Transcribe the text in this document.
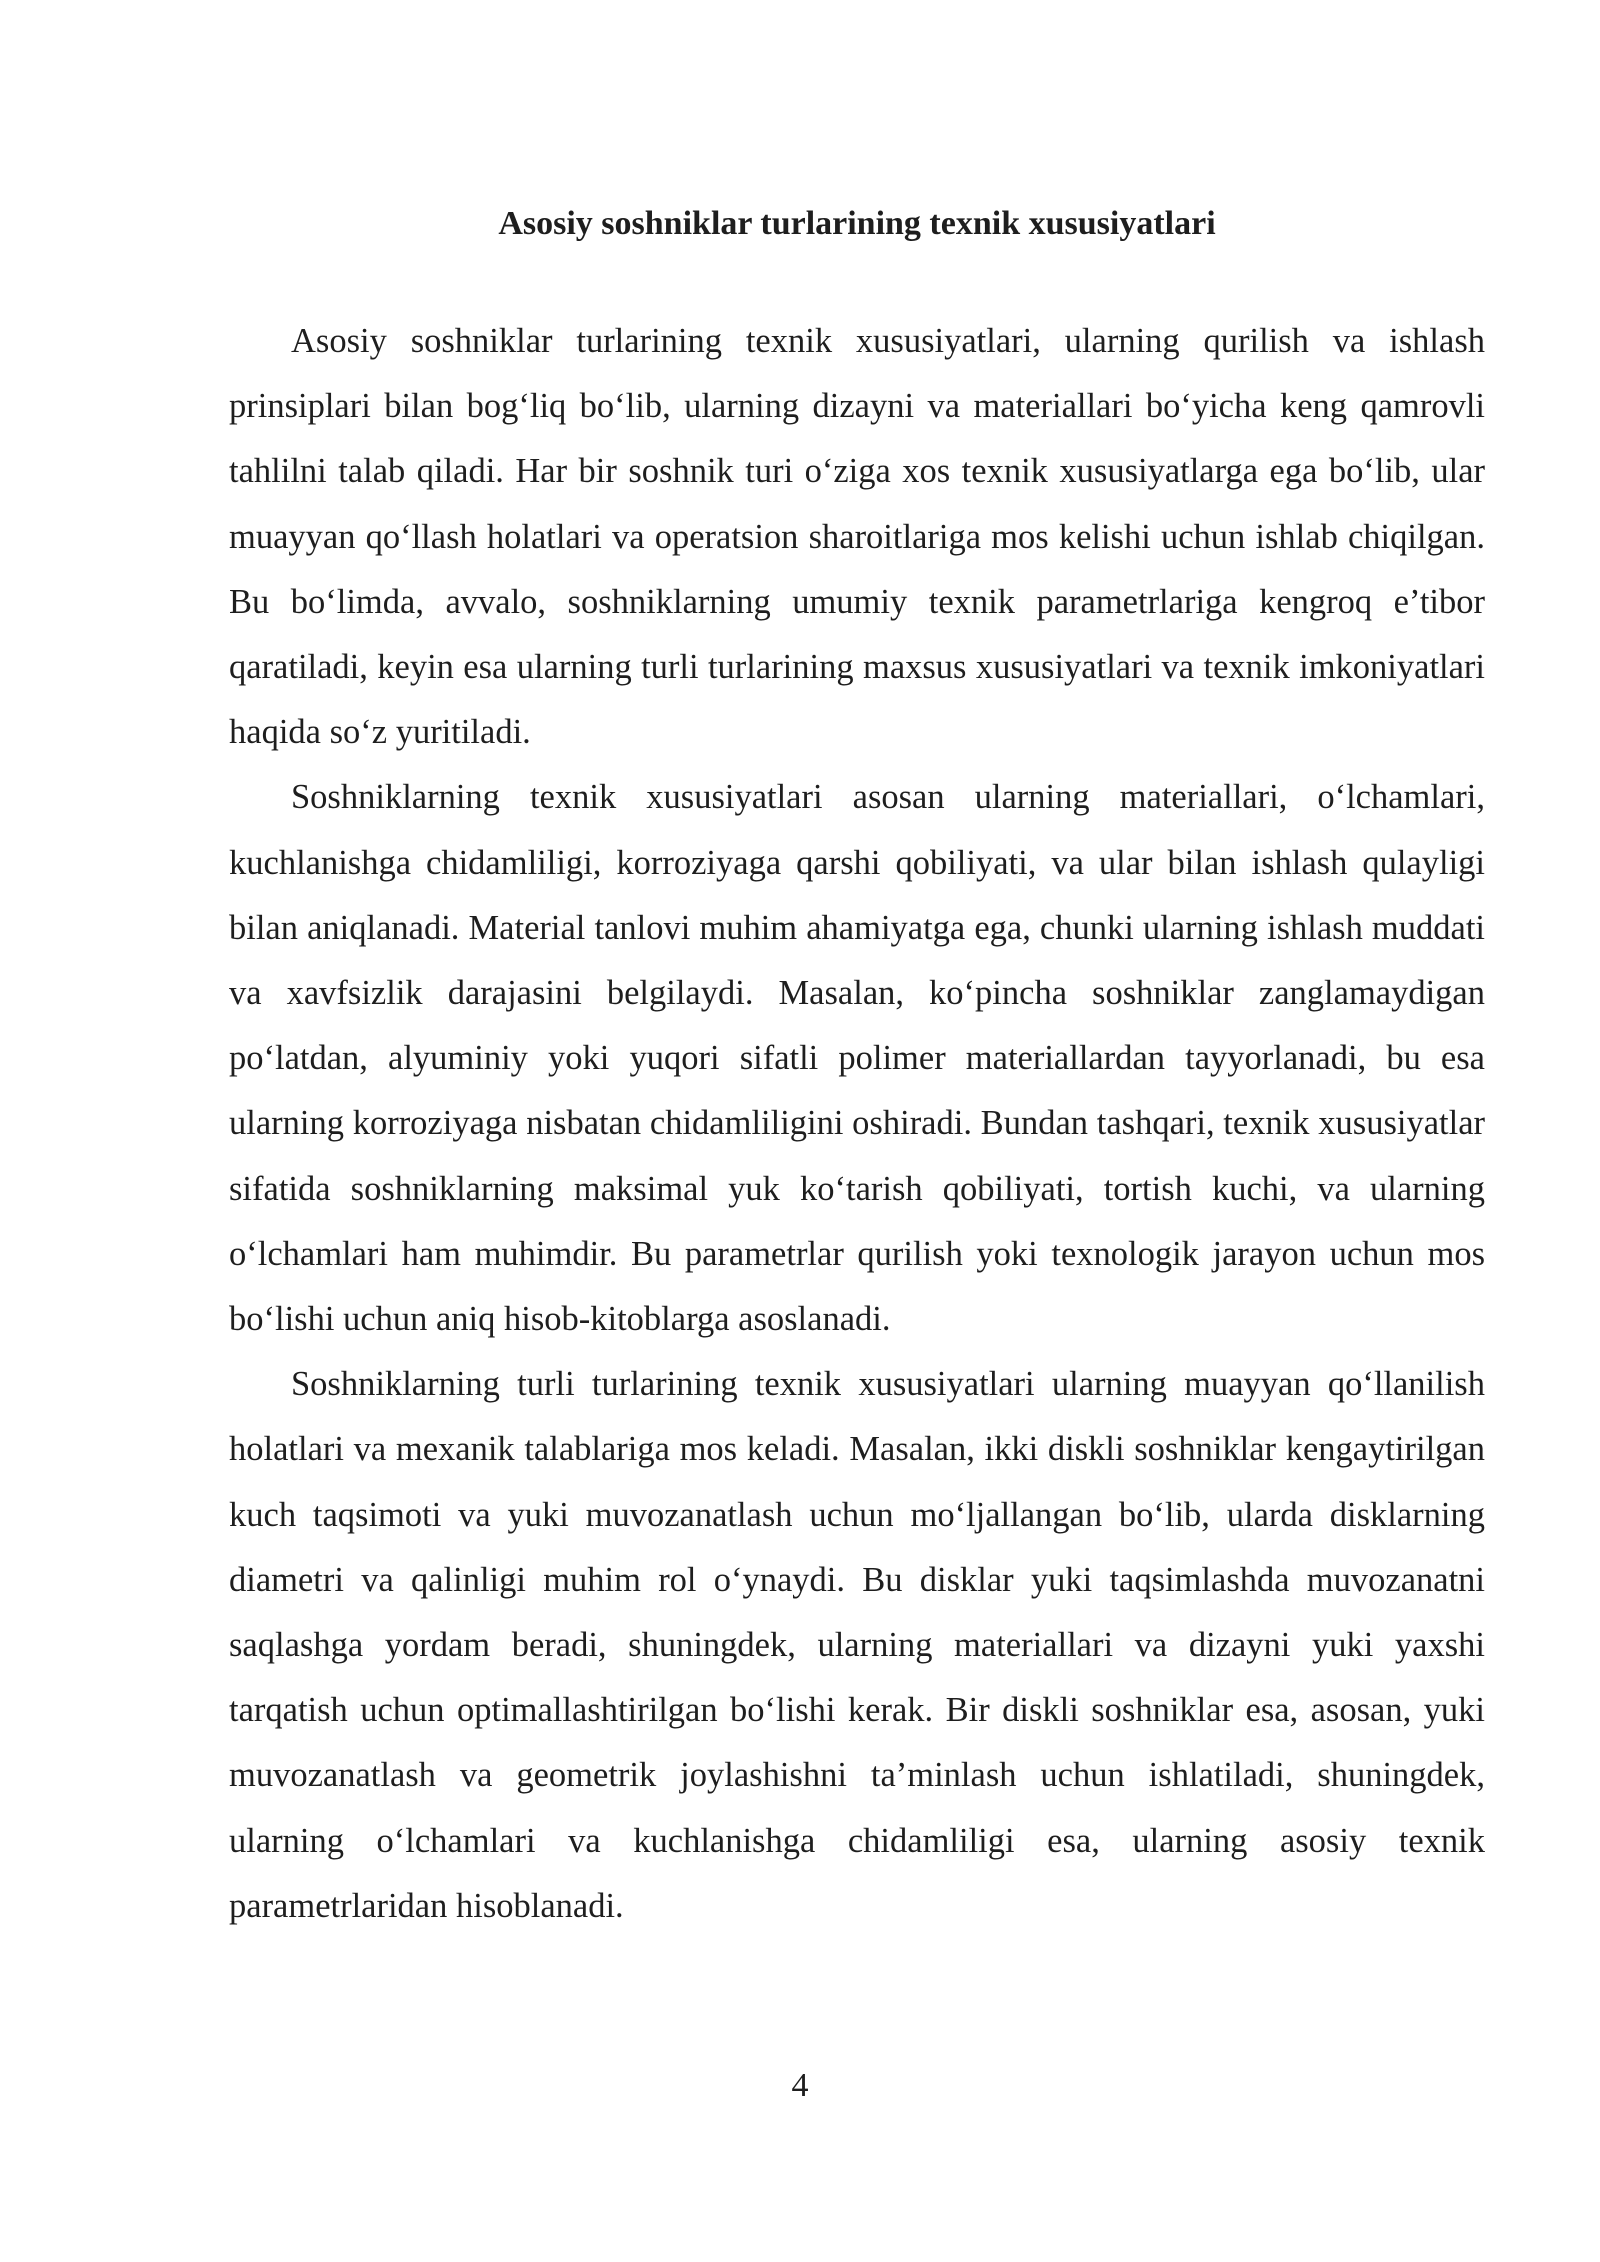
Asosiy soshniklar turlarining texnik xususiyatlari

Asosiy soshniklar turlarining texnik xususiyatlari, ularning qurilish va ishlash prinsiplari bilan bog‘liq bo‘lib, ularning dizayni va materiallari bo‘yicha keng qamrovli tahlilni talab qiladi. Har bir soshnik turi o‘ziga xos texnik xususiyatlarga ega bo‘lib, ular muayyan qo‘llash holatlari va operatsion sharoitlariga mos kelishi uchun ishlab chiqilgan. Bu bo‘limda, avvalo, soshniklarning umumiy texnik parametrlariga kengroq e’tibor qaratiladi, keyin esa ularning turli turlarining maxsus xususiyatlari va texnik imkoniyatlari haqida so‘z yuritiladi.

Soshniklarning texnik xususiyatlari asosan ularning materiallari, o‘lchamlari, kuchlanishga chidamliligi, korroziyaga qarshi qobiliyati, va ular bilan ishlash qulayligi bilan aniqlanadi. Material tanlovi muhim ahamiyatga ega, chunki ularning ishlash muddati va xavfsizlik darajasini belgilaydi. Masalan, ko‘pincha soshniklar zanglamaydigan po‘latdan, alyuminiy yoki yuqori sifatli polimer materiallardan tayyorlanadi, bu esa ularning korroziyaga nisbatan chidamliligini oshiradi. Bundan tashqari, texnik xususiyatlar sifatida soshniklarning maksimal yuk ko‘tarish qobiliyati, tortish kuchi, va ularning o‘lchamlari ham muhimdir. Bu parametrlar qurilish yoki texnologik jarayon uchun mos bo‘lishi uchun aniq hisob-kitoblarga asoslanadi.

Soshniklarning turli turlarining texnik xususiyatlari ularning muayyan qo‘llanilish holatlari va mexanik talablariga mos keladi. Masalan, ikki diskli soshniklar kengaytirilgan kuch taqsimoti va yuki muvozanatlash uchun mo‘ljallangan bo‘lib, ularda disklarning diametri va qalinligi muhim rol o‘ynaydi. Bu disklar yuki taqsimlashda muvozanatni saqlashga yordam beradi, shuningdek, ularning materiallari va dizayni yuki yaxshi tarqatish uchun optimallashtirilgan bo‘lishi kerak. Bir diskli soshniklar esa, asosan, yuki muvozanatlash va geometrik joylashishni ta’minlash uchun ishlatiladi, shuningdek, ularning o‘lchamlari va kuchlanishga chidamliligi esa, ularning asosiy texnik parametrlaridan hisoblanadi.

4
